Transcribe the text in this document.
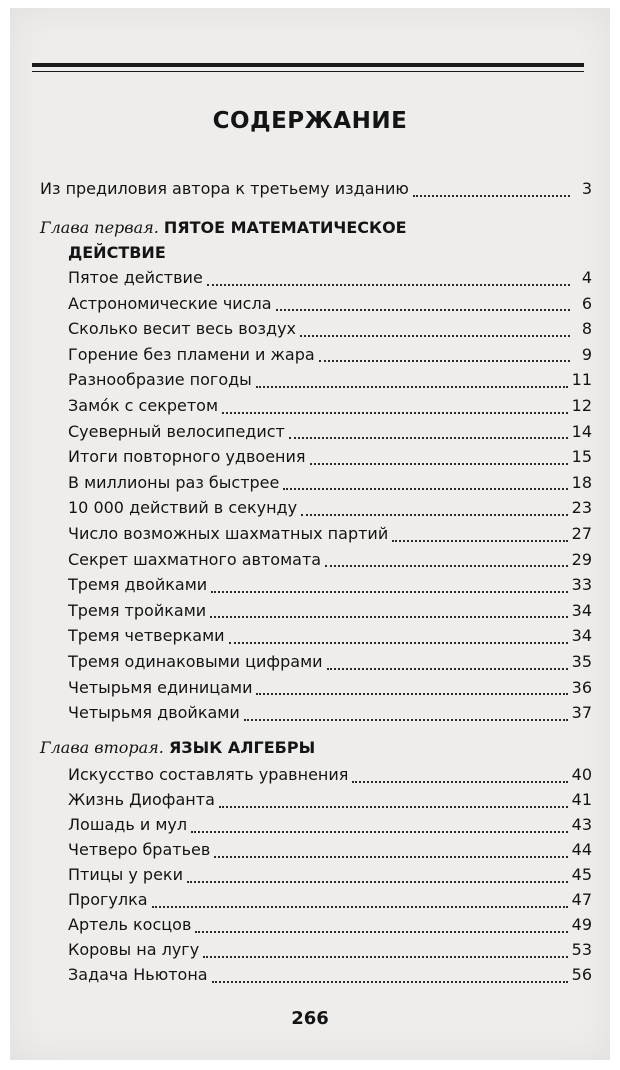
СОДЕРЖАНИЕ
Из предиловия автора к третьему изданию	3
Глава первая. ПЯТОЕ МАТЕМАТИЧЕСКОЕ
ДЕЙСТВИЕ
Пятое действие	4
Астрономические числа	6
Сколько весит весь воздух	8
Горение без пламени и жара	9
Разнообразие погоды	11
Замо́к с секретом	12
Суеверный велосипедист	14
Итоги повторного удвоения	15
В миллионы раз быстрее	18
10 000 действий в секунду	23
Число возможных шахматных партий	27
Секрет шахматного автомата	29
Тремя двойками	33
Тремя тройками	34
Тремя четверками	34
Тремя одинаковыми цифрами	35
Четырьмя единицами	36
Четырьмя двойками	37
Глава вторая. ЯЗЫК АЛГЕБРЫ
Искусство составлять уравнения	40
Жизнь Диофанта	41
Лошадь и мул	43
Четверо братьев	44
Птицы у реки	45
Прогулка	47
Артель косцов	49
Коровы на лугу	53
Задача Ньютона	56
266
